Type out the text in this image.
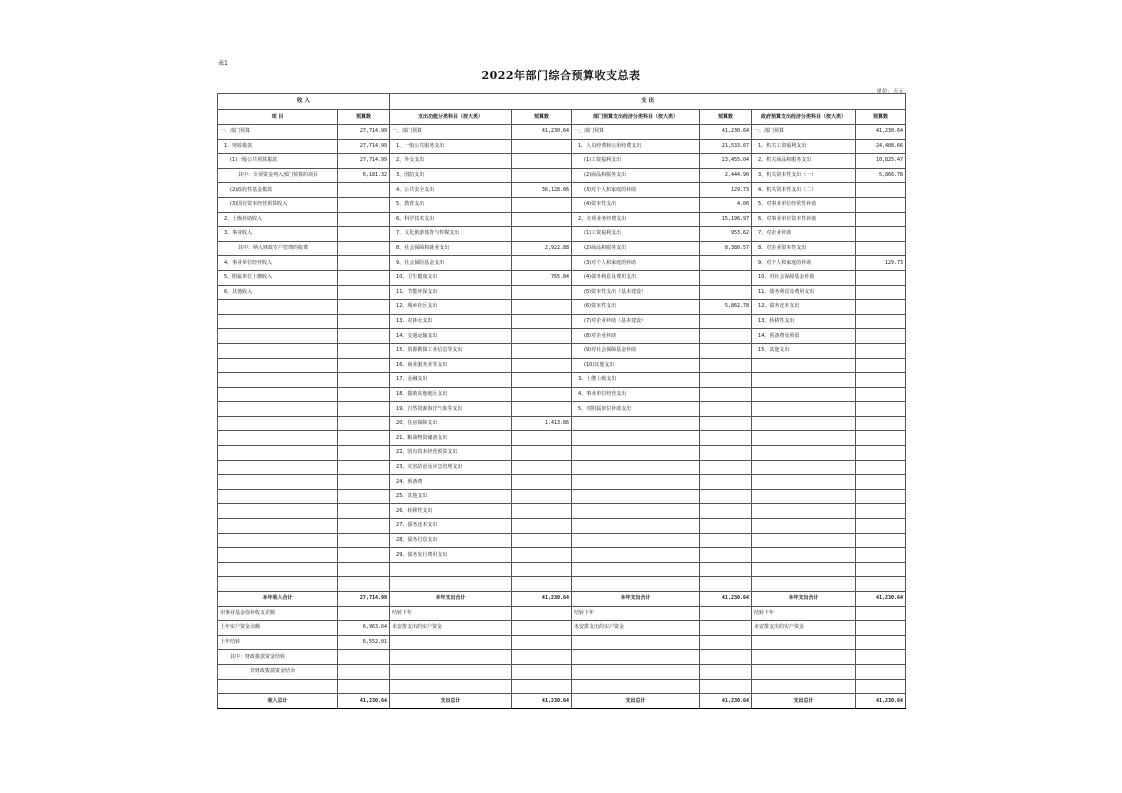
表1
2022年部门综合预算收支总表
单位：万元
收 入		支 出					
项 目	预算数	支出功能分类科目（按大类）	预算数	部门预算支出经济分类科目（按大类）	预算数	政府预算支出经济分类科目（按大类）	预算数
一、部门预算	27,714.99	一、部门预算	41,230.64	一、部门预算	41,230.64	一、部门预算	41,230.64
1、财政拨款	27,714.99	1、一般公共服务支出		1、人员经费和公用经费支出	21,533.67	1、机关工资福利支出	24,408.66
(1)一般公共预算拨款	27,714.99	2、外交支出		(1)工资福利支出	23,455.04	2、机关商品和服务支出	10,825.47
其中：专项资金列入部门预算的项目	6,181.32	3、国防支出		(2)商品和服务支出	2,444.90	3、机关资本性支出（一）	5,866.78
(2)政府性基金拨款		4、公共安全支出	36,128.06	(3)对个人和家庭的补助	129.73	4、机关资本性支出（二）	
(3)国有资本经营预算收入		5、教育支出		(4)资本性支出	4.00	5、对事业单位经常性补助	
2、上级补助收入		6、科学技术支出		2、专项业务经费支出	15,196.97	6、对事业单位资本性补助	
3、事业收入		7、文化旅游体育与传媒支出		(1)工资福利支出	953.62	7、对企业补助	
其中：纳入财政专户管理的收费		8、社会保障和就业支出	2,922.88	(2)商品和服务支出	8,380.57	8、对企业资本性支出	
4、事业单位经营收入		9、社会保险基金支出		(3)对个人和家庭的补助		9、对个人和家庭的补助	129.73
5、附属单位上缴收入		10、卫生健康支出	765.84	(4)债务利息及费用支出		10、对社会保障基金补助	
6、其他收入		11、节能环保支出		(5)资本性支出（基本建设）		11、债务利息及费用支出	
		12、城乡社区支出		(6)资本性支出	5,862.78	12、债务还本支出	
		13、农林水支出		(7)对企业补助（基本建设）		13、转移性支出	
		14、交通运输支出		(8)对企业补助		14、预备费及预留	
		15、资源勘探工业信息等支出		(9)对社会保障基金补助		15、其他支出	
		16、商业服务业等支出		(10)其他支出			
		17、金融支出		3、上缴上级支出			
		18、援助其他地区支出		4、事业单位经营支出			
		19、自然资源海洋气象等支出		5、对附属单位补助支出			
		20、住房保障支出	1,413.86				
		21、粮油物资储备支出					
		22、国有资本经营预算支出					
		23、灾害防治及应急管理支出					
		24、预备费					
		25、其他支出					
		26、转移性支出					
		27、债务还本支出					
		28、债务付息支出					
		29、债务发行费用支出					

本年收入合计	27,714.99	本年支出合计	41,230.64	本年支出合计	41,230.64	本年支出合计	41,230.64
用事业基金弥补收支差额		结转下年		结转下年		结转下年	
上年实户资金余额	6,963.64	未安排支出的实户资金		未安排支出的实户资金		未安排支出的实户资金	
上年结转	6,552.01						
其中：财政拨款资金结转							
非财政拨款资金结余							

收入总计	41,230.64	支出总计	41,230.64	支出总计	41,230.64	支出总计	41,230.64
